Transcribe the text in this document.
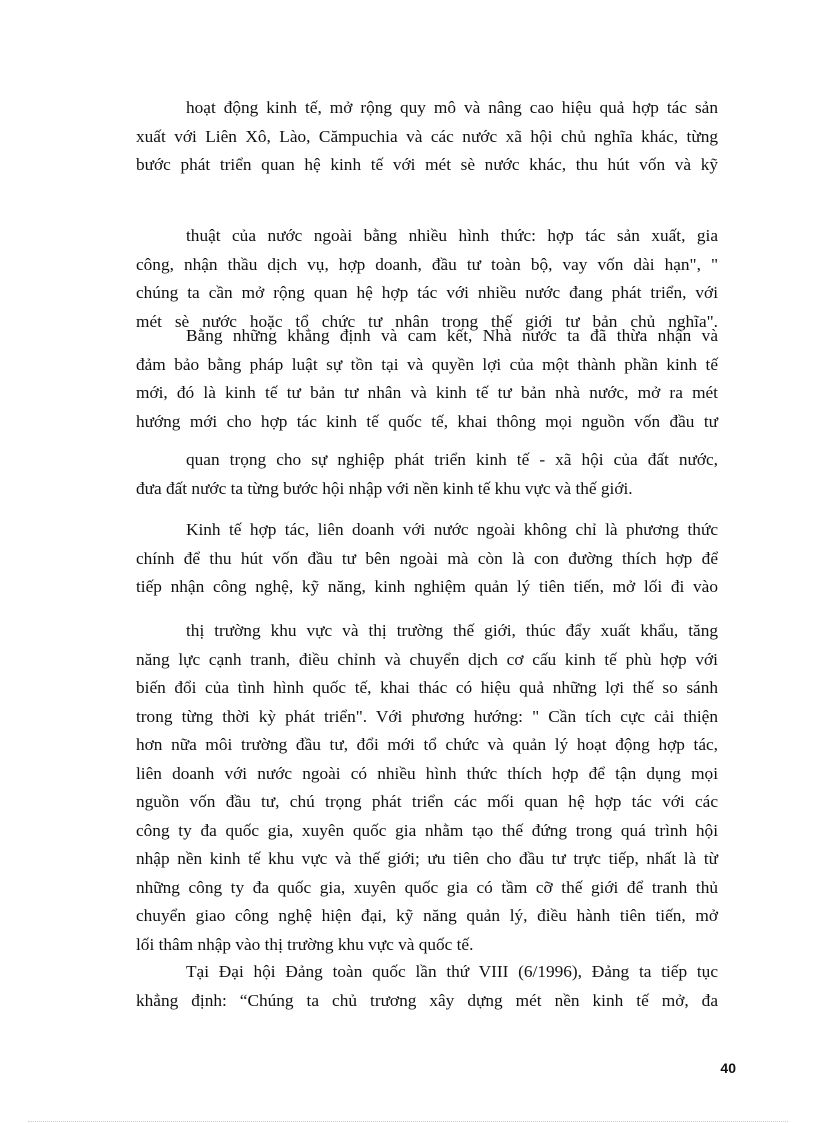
hoạt động kinh tế, mở rộng quy mô và nâng cao hiệu quả hợp tác sản
xuất với Liên Xô, Lào, Cămpuchia và các nước xã hội chủ nghĩa khác, từng
bước phát triển quan hệ kinh tế với mét sè nước khác, thu hút vốn và kỹ

thuật của nước ngoài bằng nhiều hình thức: hợp tác sản xuất, gia
công, nhận thầu dịch vụ, hợp doanh, đầu tư toàn bộ, vay vốn dài hạn", "
chúng ta cần mở rộng quan hệ hợp tác với nhiều nước đang phát triển, với
mét sè nước hoặc tổ chức tư nhân trong thế giới tư bản chủ nghĩa".

Bằng những khẳng định và cam kết, Nhà nước ta đã thừa nhận và
đảm bảo bằng pháp luật sự tồn tại và quyền lợi của một thành phần kinh tế
mới, đó là kinh tế tư bản tư nhân và kinh tế tư bản nhà nước, mở ra mét
hướng mới cho hợp tác kinh tế quốc tế, khai thông mọi nguồn vốn đầu tư

quan trọng cho sự nghiệp phát triển kinh tế - xã hội của đất nước,
đưa đất nước ta từng bước hội nhập với nền kinh tế khu vực và thế giới.

Kinh tế hợp tác, liên doanh với nước ngoài không chỉ là phương thức
chính để thu hút vốn đầu tư bên ngoài mà còn là con đường thích hợp để
tiếp nhận công nghệ, kỹ năng, kinh nghiệm quản lý tiên tiến, mở lối đi vào

thị trường khu vực và thị trường thế giới, thúc đẩy xuất khẩu, tăng
năng lực cạnh tranh, điều chỉnh và chuyển dịch cơ cấu kinh tế phù hợp với
biến đổi của tình hình quốc tế, khai thác có hiệu quả những lợi thế so sánh
trong từng thời kỳ phát triển". Với phương hướng: " Cần tích cực cải thiện
hơn nữa môi trường đầu tư, đổi mới tổ chức và quản lý hoạt động hợp tác,
liên doanh với nước ngoài có nhiều hình thức thích hợp để tận dụng mọi
nguồn vốn đầu tư, chú trọng phát triển các mối quan hệ hợp tác với các
công ty đa quốc gia, xuyên quốc gia nhằm tạo thế đứng trong quá trình hội
nhập nền kinh tế khu vực và thế giới; ưu tiên cho đầu tư trực tiếp, nhất là từ
những công ty đa quốc gia, xuyên quốc gia có tầm cỡ thế giới để tranh thủ
chuyển giao công nghệ hiện đại, kỹ năng quản lý, điều hành tiên tiến, mở
lối thâm nhập vào thị trường khu vực và quốc tế.

Tại Đại hội Đảng toàn quốc lần thứ VIII (6/1996), Đảng ta tiếp tục
khẳng định: “Chúng ta chủ trương xây dựng mét nền kinh tế mở, đa

40
